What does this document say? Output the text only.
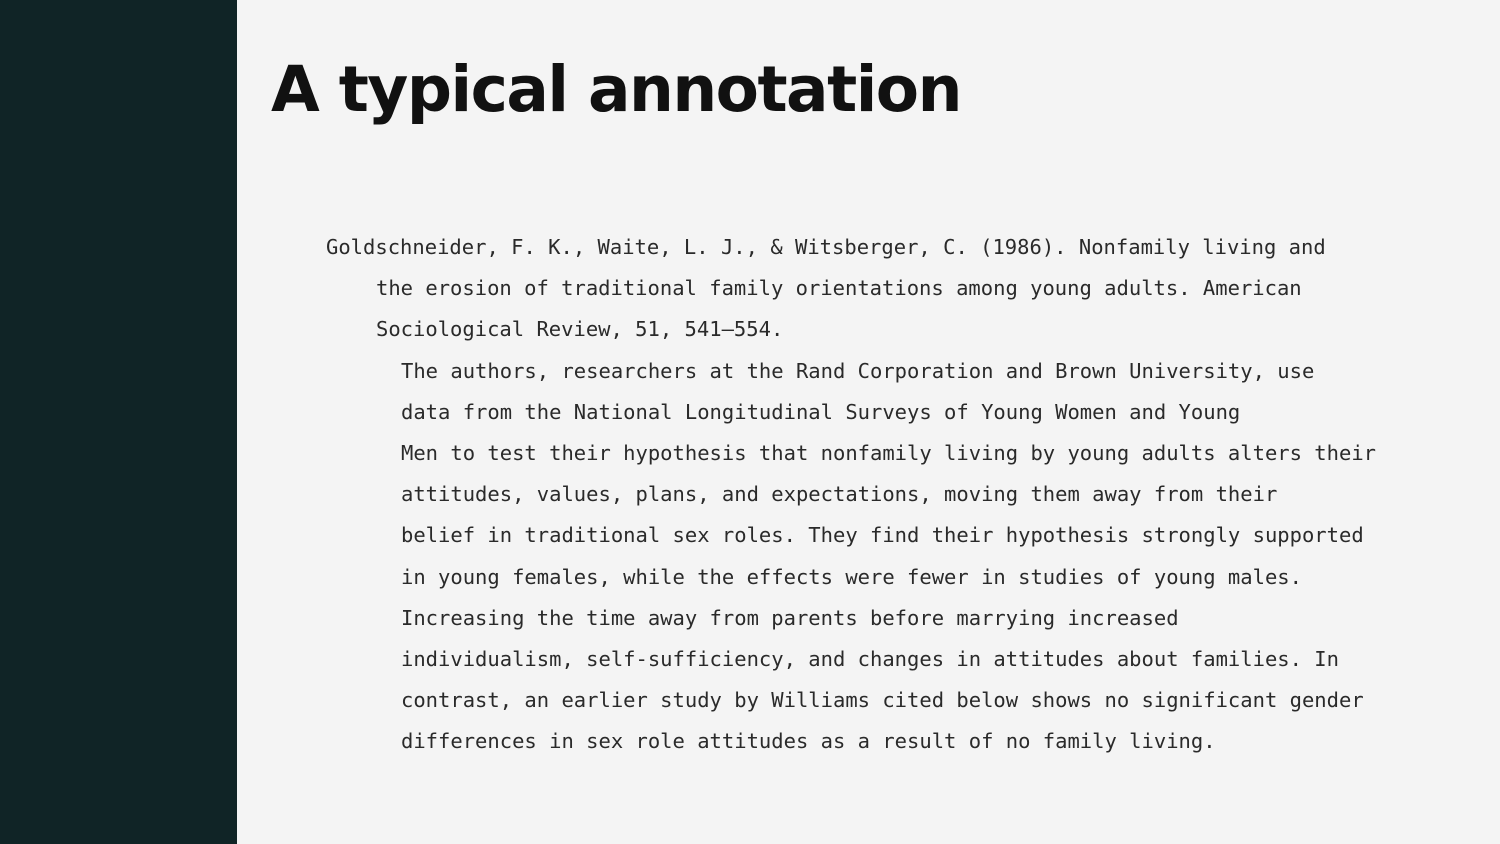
A typical annotation
Goldschneider, F. K., Waite, L. J., & Witsberger, C. (1986). Nonfamily living and
the erosion of traditional family orientations among young adults. American
Sociological Review, 51, 541–554.
The authors, researchers at the Rand Corporation and Brown University, use
data from the National Longitudinal Surveys of Young Women and Young
Men to test their hypothesis that nonfamily living by young adults alters their
attitudes, values, plans, and expectations, moving them away from their
belief in traditional sex roles. They find their hypothesis strongly supported
in young females, while the effects were fewer in studies of young males.
Increasing the time away from parents before marrying increased
individualism, self-sufficiency, and changes in attitudes about families. In
contrast, an earlier study by Williams cited below shows no significant gender
differences in sex role attitudes as a result of no family living.
